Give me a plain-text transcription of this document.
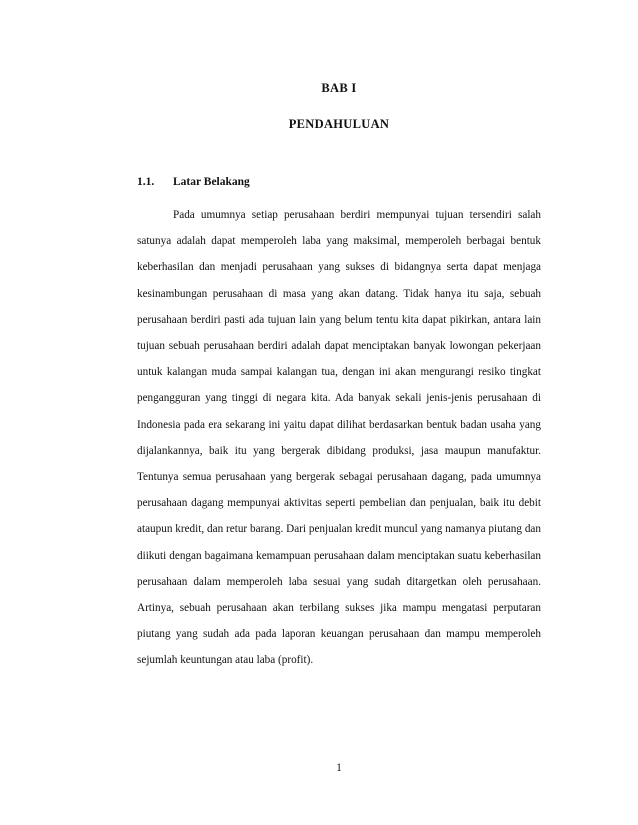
BAB I
PENDAHULUAN
1.1. Latar Belakang

Pada umumnya setiap perusahaan berdiri mempunyai tujuan tersendiri salah satunya adalah dapat memperoleh laba yang maksimal, memperoleh berbagai bentuk keberhasilan dan menjadi perusahaan yang sukses di bidangnya serta dapat menjaga kesinambungan perusahaan di masa yang akan datang. Tidak hanya itu saja, sebuah perusahaan berdiri pasti ada tujuan lain yang belum tentu kita dapat pikirkan, antara lain tujuan sebuah perusahaan berdiri adalah dapat menciptakan banyak lowongan pekerjaan untuk kalangan muda sampai kalangan tua, dengan ini akan mengurangi resiko tingkat pengangguran yang tinggi di negara kita. Ada banyak sekali jenis-jenis perusahaan di Indonesia pada era sekarang ini yaitu dapat dilihat berdasarkan bentuk badan usaha yang dijalankannya, baik itu yang bergerak dibidang produksi, jasa maupun manufaktur. Tentunya semua perusahaan yang bergerak sebagai perusahaan dagang, pada umumnya perusahaan dagang mempunyai aktivitas seperti pembelian dan penjualan, baik itu debit ataupun kredit, dan retur barang. Dari penjualan kredit muncul yang namanya piutang dan diikuti dengan bagaimana kemampuan perusahaan dalam menciptakan suatu keberhasilan perusahaan dalam memperoleh laba sesuai yang sudah ditargetkan oleh perusahaan. Artinya, sebuah perusahaan akan terbilang sukses jika mampu mengatasi perputaran piutang yang sudah ada pada laporan keuangan perusahaan dan mampu memperoleh sejumlah keuntungan atau laba (profit).

1
